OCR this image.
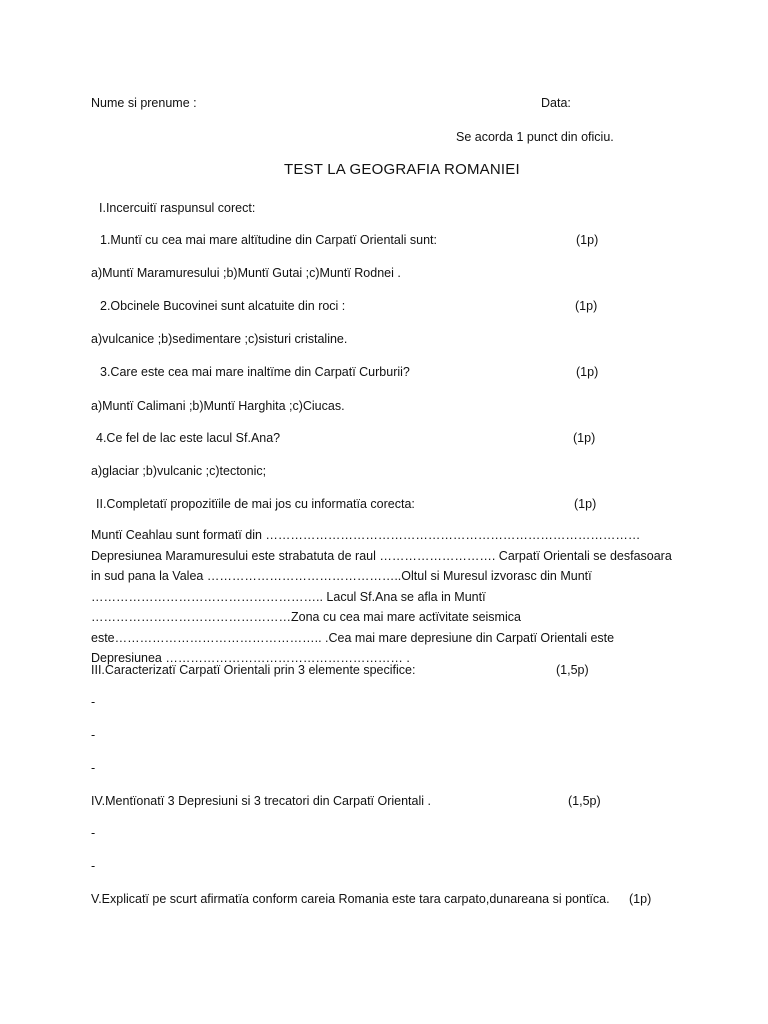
Nume si prenume :	Data:
Se acorda 1 punct din oficiu.
TEST LA GEOGRAFIA ROMANIEI
I.Incercuitï raspunsul corect:
1.Muntï cu cea mai mare altïtudine din Carpatï Orientali sunt:	(1p)
a)Muntï Maramuresului ;b)Muntï Gutai ;c)Muntï Rodnei .
2.Obcinele Bucovinei sunt alcatuite din roci :	(1p)
a)vulcanice ;b)sedimentare ;c)sisturi cristaline.
3.Care este cea mai mare inaltïme din Carpatï Curburii?	(1p)
a)Muntï Calimani ;b)Muntï Harghita ;c)Ciucas.
4.Ce fel de lac este lacul Sf.Ana?	(1p)
a)glaciar ;b)vulcanic ;c)tectonic;
II.Completatï propozitïile de mai jos cu informatïa corecta:	(1p)
Muntï Ceahlau sunt formatï din ………………………………………………………………………………Depresiunea Maramuresului este strabatuta de raul ………………………. Carpatï Orientali se desfasoara in sud pana la Valea ………………………………………..Oltul si Muresul izvorasc din Muntï ……………………………………………….. Lacul Sf.Ana se afla in Muntï …………………………………………Zona cu cea mai mare actïvitate seismica este………………………………………….. .Cea mai mare depresiune din Carpatï Orientali este Depresiunea ………………………………………………… .
III.Caracterizatï Carpatï Orientali prin 3 elemente specifice:	(1,5p)
-
-
-
IV.Mentïonatï 3 Depresiuni si 3 trecatori din Carpatï Orientali .	(1,5p)
-
-
V.Explicatï pe scurt afirmatïa conform careia Romania este tara carpato,dunareana si pontïca. (1p)
